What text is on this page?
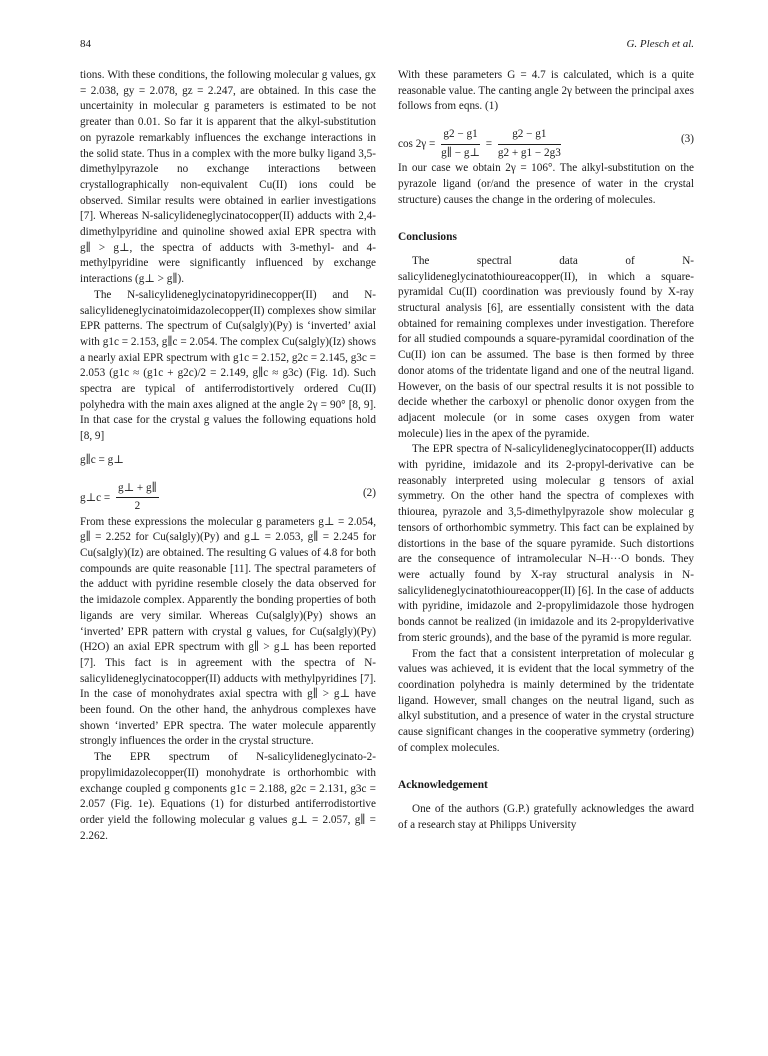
84	G. Plesch et al.

tions. With these conditions, the following molecular g values, gx = 2.038, gy = 2.078, gz = 2.247, are obtained. In this case the uncertainity in molecular g parameters is estimated to be not greater than 0.01. So far it is apparent that the alkyl-substitution on pyrazole remarkably influences the exchange interactions in the solid state. Thus in a complex with the more bulky ligand 3,5-dimethylpyrazole no exchange interactions between crystallographically non-equivalent Cu(II) ions could be observed. Similar results were obtained in earlier investigations [7]. Whereas N-salicylideneglycinatocopper(II) adducts with 2,4-dimethylpyridine and quinoline showed axial EPR spectra with g∥ > g⊥, the spectra of adducts with 3-methyl- and 4-methylpyridine were significantly influenced by exchange interactions (g⊥ > g∥).

The N-salicylideneglycinatopyridinecopper(II) and N-salicylideneglycinatoimidazolecopper(II) complexes show similar EPR patterns. The spectrum of Cu(salgly)(Py) is ‘inverted’ axial with g1c = 2.153, g∥c = 2.054. The complex Cu(salgly)(Iz) shows a nearly axial EPR spectrum with g1c = 2.152, g2c = 2.145, g3c = 2.053 (g1c ≈ (g1c + g2c)/2 = 2.149, g∥c ≈ g3c) (Fig. 1d). Such spectra are typical of antiferrodistortively ordered Cu(II) polyhedra with the main axes aligned at the angle 2γ = 90° [8, 9]. In that case for the crystal g values the following equations hold [8, 9]

g∥c = g⊥

g⊥c = $\frac{g\perp + g\parallel}{2}$	(2)

From these expressions the molecular g parameters g⊥ = 2.054, g∥ = 2.252 for Cu(salgly)(Py) and g⊥ = 2.053, g∥ = 2.245 for Cu(salgly)(Iz) are obtained. The resulting G values of 4.8 for both compounds are quite reasonable [11]. The spectral parameters of the adduct with pyridine resemble closely the data observed for the imidazole complex. Apparently the bonding properties of both ligands are very similar. Whereas Cu(salgly)(Py) shows an ‘inverted’ EPR pattern with crystal g values, for Cu(salgly)(Py)(H2O) an axial EPR spectrum with g∥ > g⊥ has been reported [7]. This fact is in agreement with the spectra of N-salicylideneglycinatocopper(II) adducts with methylpyridines [7]. In the case of monohydrates axial spectra with g∥ > g⊥ have been found. On the other hand, the anhydrous complexes have shown ‘inverted’ EPR spectra. The water molecule apparently strongly influences the order in the crystal structure.

The EPR spectrum of N-salicylideneglycinato-2-propylimidazolecopper(II) monohydrate is orthorhombic with exchange coupled g components g1c = 2.188, g2c = 2.131, g3c = 2.057 (Fig. 1e). Equations (1) for disturbed antiferrodistortive order yield the following molecular g values g⊥ = 2.057, g∥ = 2.262.

With these parameters G = 4.7 is calculated, which is a quite reasonable value. The canting angle 2γ between the principal axes follows from eqns. (1)

$\cos 2\gamma = \frac{g2 - g1}{g\parallel - g\perp} = \frac{g2 - g1}{g2 + g1 - 2g3}$	(3)

In our case we obtain 2γ = 106°. The alkyl-substitution on the pyrazole ligand (or/and the presence of water in the crystal structure) causes the change in the ordering of molecules.

Conclusions

The spectral data of N-salicylideneglycinatothioureacopper(II), in which a square-pyramidal Cu(II) coordination was previously found by X-ray structural analysis [6], are essentially consistent with the data obtained for remaining complexes under investigation. Therefore for all studied compounds a square-pyramidal coordination of the Cu(II) ion can be assumed. The base is then formed by three donor atoms of the tridentate ligand and one of the neutral ligand. However, on the basis of our spectral results it is not possible to decide whether the carboxyl or phenolic donor oxygen from the adjacent molecule (or in some cases oxygen from water molecule) lies in the apex of the pyramide.

The EPR spectra of N-salicylideneglycinatocopper(II) adducts with pyridine, imidazole and its 2-propyl-derivative can be reasonably interpreted using molecular g tensors of axial symmetry. On the other hand the spectra of complexes with thiourea, pyrazole and 3,5-dimethylpyrazole show molecular g tensors of orthorhombic symmetry. This fact can be explained by distortions in the base of the square pyramide. Such distortions are the consequence of intramolecular N–H···O bonds. They were actually found by X-ray structural analysis in N-salicylideneglycinatothioureacopper(II) [6]. In the case of adducts with pyridine, imidazole and 2-propylimidazole those hydrogen bonds cannot be realized (in imidazole and its 2-propylderivative from steric grounds), and the base of the pyramid is more regular.

From the fact that a consistent interpretation of molecular g values was achieved, it is evident that the local symmetry of the coordination polyhedra is mainly determined by the tridentate ligand. However, small changes on the neutral ligand, such as alkyl substitution, and a presence of water in the crystal structure cause significant changes in the cooperative symmetry (ordering) of complex molecules.

Acknowledgement

One of the authors (G.P.) gratefully acknowledges the award of a research stay at Philipps University
